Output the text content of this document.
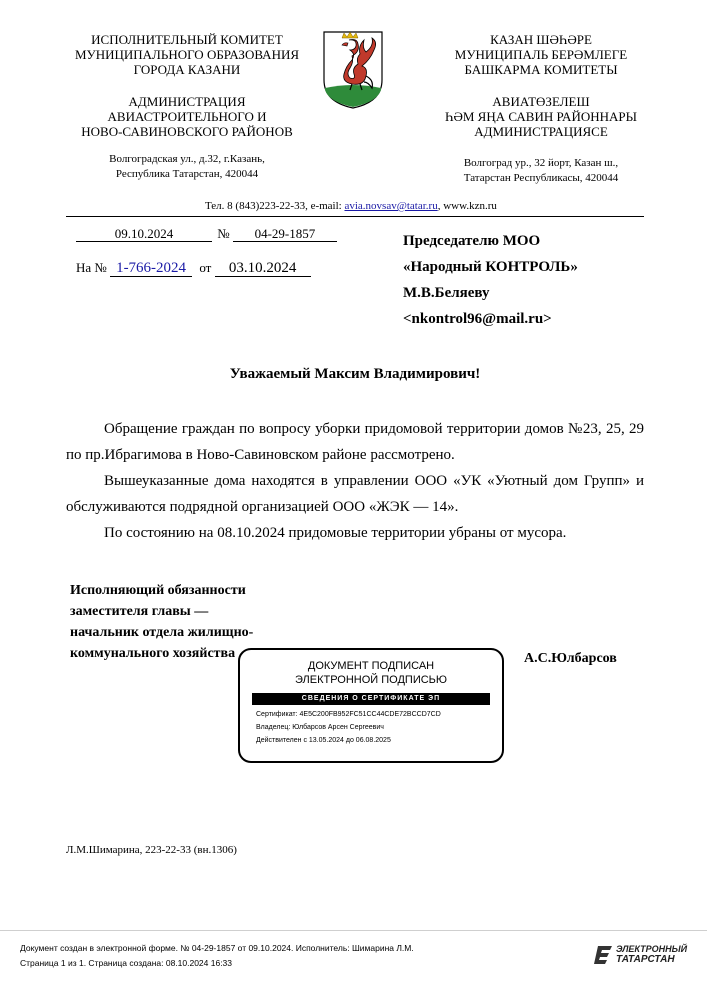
ИСПОЛНИТЕЛЬНЫЙ КОМИТЕТ
МУНИЦИПАЛЬНОГО ОБРАЗОВАНИЯ
ГОРОДА КАЗАНИ
АДМИНИСТРАЦИЯ
АВИАСТРОИТЕЛЬНОГО И
НОВО-САВИНОВСКОГО РАЙОНОВ
Волгоградская ул., д.32, г.Казань,
Республика Татарстан, 420044
КАЗАН ШӘҺӘРЕ
МУНИЦИПАЛЬ БЕРӘМЛЕГЕ
БАШКАРМА КОМИТЕТЫ
АВИАТӨЗЕЛЕШ
ҺӘМ ЯҢА САВИН РАЙОННАРЫ
АДМИНИСТРАЦИЯСЕ
Волгоград ур., 32 йорт, Казан ш.,
Татарстан Республикасы, 420044
Тел. 8 (843)223-22-33, e-mail: avia.novsav@tatar.ru, www.kzn.ru
09.10.2024	№ 04-29-1857
На № 1-766-2024 от 03.10.2024
Председателю МОО
«Народный КОНТРОЛЬ»
М.В.Беляеву
<nkontrol96@mail.ru>
Уважаемый Максим Владимирович!

Обращение граждан по вопросу уборки придомовой территории домов №23, 25, 29 по пр.Ибрагимова в Ново-Савиновском районе рассмотрено.

Вышеуказанные дома находятся в управлении ООО «УК «Уютный дом Групп» и обслуживаются подрядной организацией ООО «ЖЭК — 14».

По состоянию на 08.10.2024 придомовые территории убраны от мусора.

Исполняющий обязанности
заместителя главы —
начальник отдела жилищно-
коммунального хозяйства	А.С.Юлбарсов
ДОКУМЕНТ ПОДПИСАН
ЭЛЕКТРОННОЙ ПОДПИСЬЮ
СВЕДЕНИЯ О СЕРТИФИКАТЕ ЭП
Сертификат: 4E5C200FB952FC51CC44CDE72BCCD7CD
Владелец: Юлбарсов Арсен Сергеевич
Действителен с 13.05.2024 до 06.08.2025
Л.М.Шимарина, 223-22-33 (вн.1306)
Документ создан в электронной форме. № 04-29-1857 от 09.10.2024. Исполнитель: Шимарина Л.М.
Страница 1 из 1. Страница создана: 08.10.2024 16:33
ЭЛЕКТРОННЫЙ
ТАТАРСТАН
